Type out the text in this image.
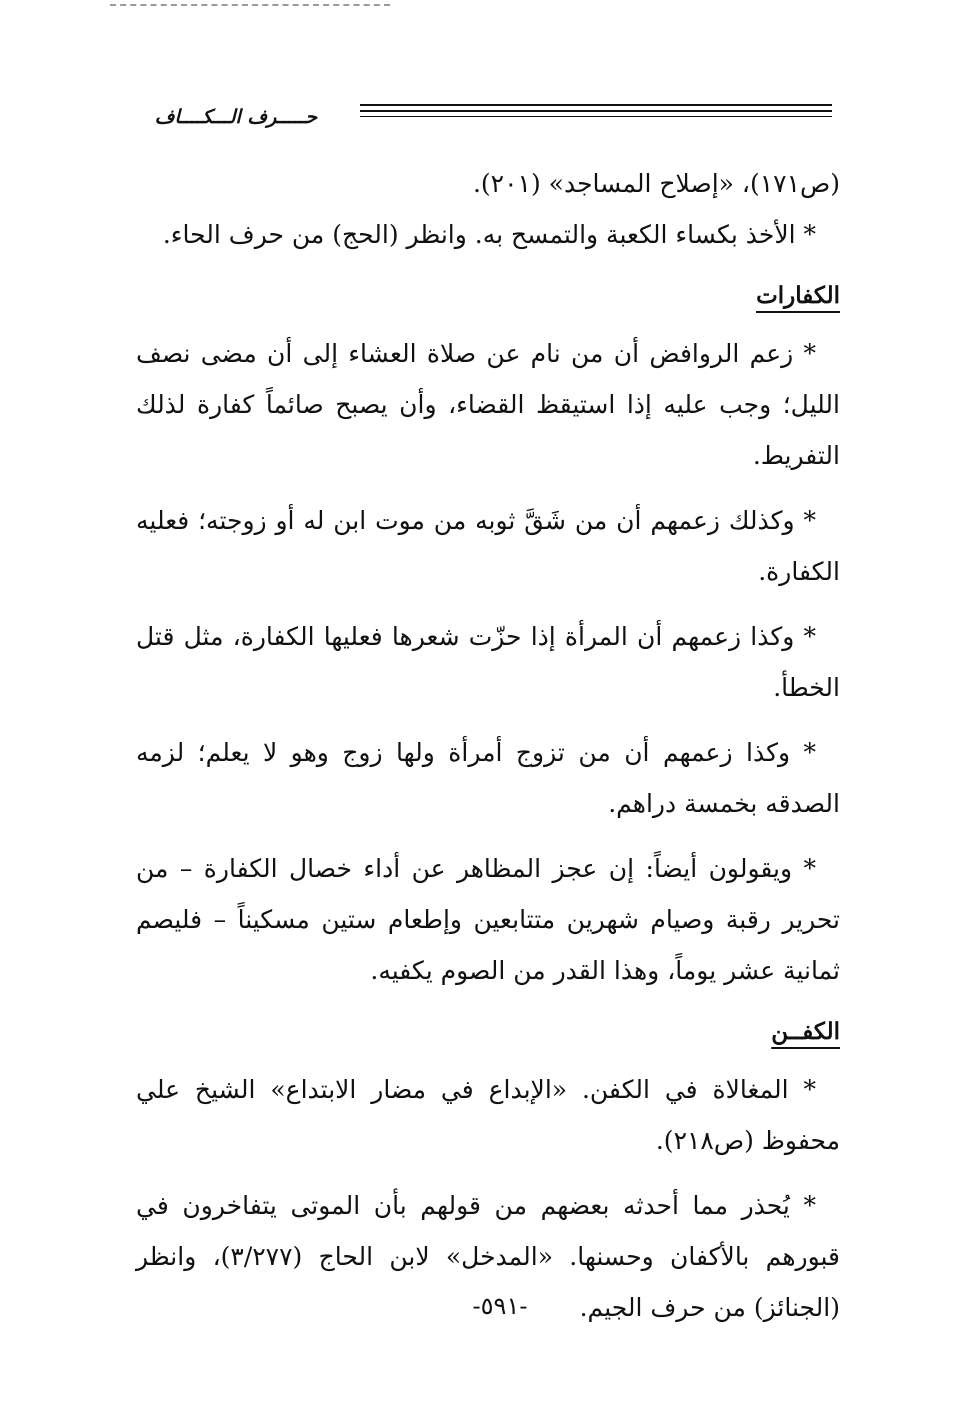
حـــــرف الـــكــــاف

(ص١٧١)، «إصلاح المساجد» (٢٠١).

* الأخذ بكساء الكعبة والتمسح به. وانظر (الحج) من حرف الحاء.

الكفارات

* زعم الروافض أن من نام عن صلاة العشاء إلى أن مضى نصف الليل؛ وجب عليه إذا استيقظ القضاء، وأن يصبح صائماً كفارة لذلك التفريط.

* وكذلك زعمهم أن من شَقَّ ثوبه من موت ابن له أو زوجته؛ فعليه الكفارة.

* وكذا زعمهم أن المرأة إذا حزّت شعرها فعليها الكفارة، مثل قتل الخطأ.

* وكذا زعمهم أن من تزوج أمرأة ولها زوج وهو لا يعلم؛ لزمه الصدقه بخمسة دراهم.

* ويقولون أيضاً: إن عجز المظاهر عن أداء خصال الكفارة – من تحرير رقبة وصيام شهرين متتابعين وإطعام ستين مسكيناً – فليصم ثمانية عشر يوماً، وهذا القدر من الصوم يكفيه.

الكفــن

* المغالاة في الكفن. «الإبداع في مضار الابتداع» الشيخ علي محفوظ (ص٢١٨).

* يُحذر مما أحدثه بعضهم من قولهم بأن الموتى يتفاخرون في قبورهم بالأكفان وحسنها. «المدخل» لابن الحاج (٣/٢٧٧)، وانظر (الجنائز) من حرف الجيم.

-٥٩١-
